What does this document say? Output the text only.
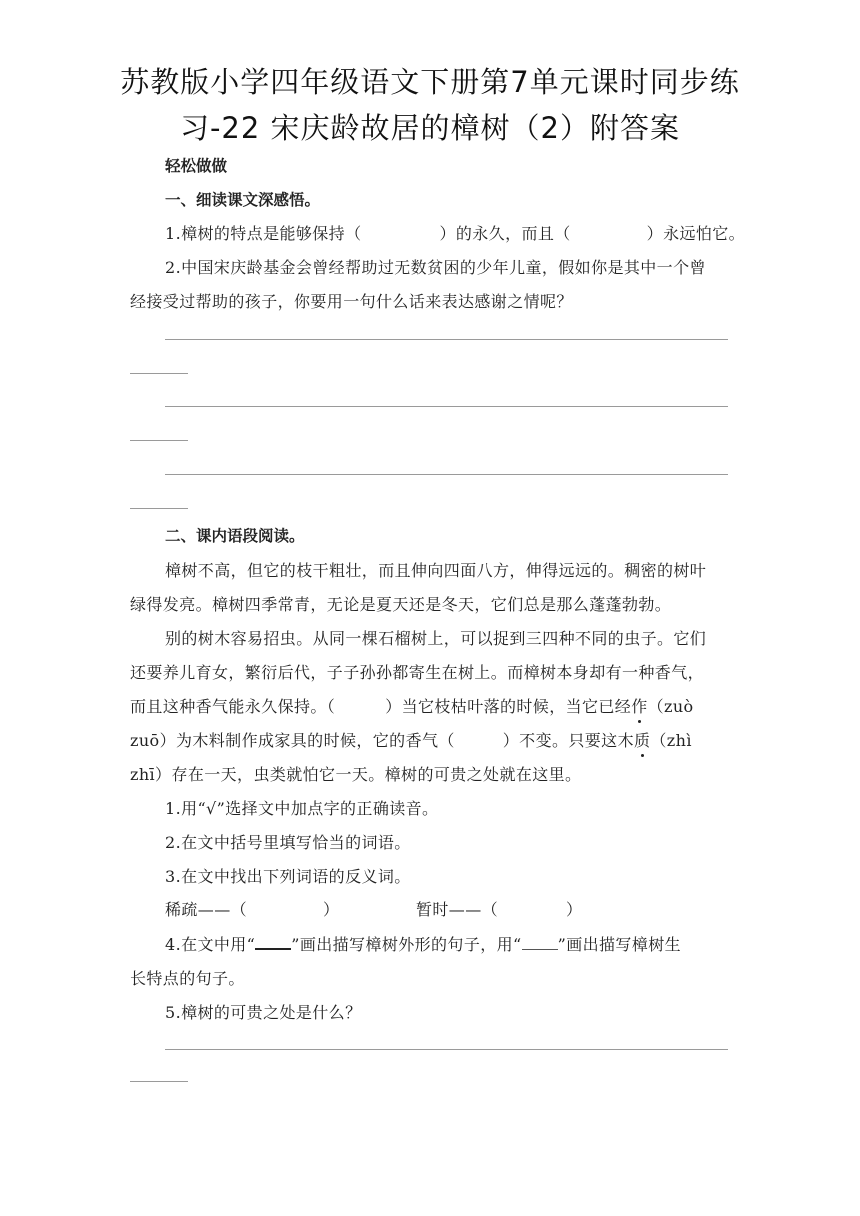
苏教版小学四年级语文下册第7单元课时同步练
习-22 宋庆龄故居的樟树（2）附答案
轻松做做
一、细读课文深感悟。
1.樟树的特点是能够保持（	）的永久，而且（	）永远怕它。
2.中国宋庆龄基金会曾经帮助过无数贫困的少年儿童，假如你是其中一个曾
经接受过帮助的孩子，你要用一句什么话来表达感谢之情呢？
二、课内语段阅读。
樟树不高，但它的枝干粗壮，而且伸向四面八方，伸得远远的。稠密的树叶
绿得发亮。樟树四季常青，无论是夏天还是冬天，它们总是那么蓬蓬勃勃。
别的树木容易招虫。从同一棵石榴树上，可以捉到三四种不同的虫子。它们
还要养儿育女，繁衍后代，子子孙孙都寄生在树上。而樟树本身却有一种香气，
而且这种香气能永久保持。（	）当它枝枯叶落的时候，当它已经作（zuò
zuō）为木料制作成家具的时候，它的香气（	）不变。只要这木质（zhì
zhī）存在一天，虫类就怕它一天。樟树的可贵之处就在这里。
1.用“√”选择文中加点字的正确读音。
2.在文中括号里填写恰当的词语。
3.在文中找出下列词语的反义词。
稀疏——（	）	暂时——（	）
4.在文中用“ ”画出描写樟树外形的句子，用“ ”画出描写樟树生
长特点的句子。
5.樟树的可贵之处是什么？
